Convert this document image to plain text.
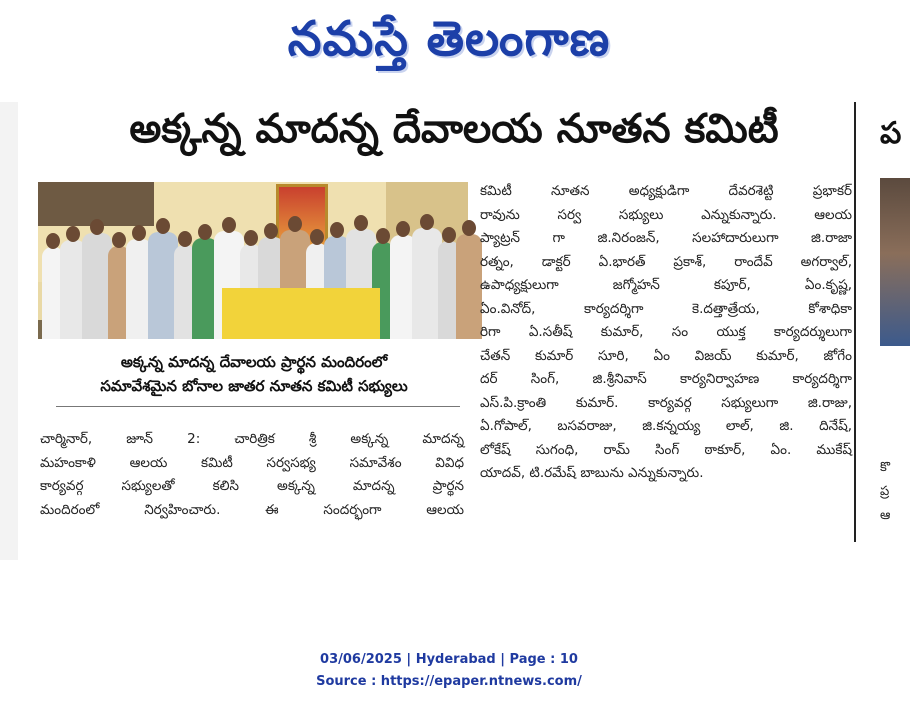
నమస్తే తెలంగాణ
అక్కన్న మాదన్న దేవాలయ నూతన కమిటీ
అక్కన్న మాదన్న దేవాలయ ప్రార్థన మందిరంలో
సమావేశమైన బోనాల జాతర నూతన కమిటీ సభ్యులు
చార్మినార్, జూన్ 2: చారిత్రిక శ్రీ అక్కన్న మాదన్న
మహంకాళి ఆలయ కమిటీ సర్వసభ్య సమావేశం వివిధ
కార్యవర్గ సభ్యులతో కలిసి అక్కన్న మాదన్న ప్రార్థన
మందిరంలో నిర్వహించారు. ఈ సందర్భంగా ఆలయ
కమిటీ నూతన అధ్యక్షుడిగా దేవరశెట్టి ప్రభాకర్
రావును సర్వ సభ్యులు ఎన్నుకున్నారు. ఆలయ
ప్యాట్రన్ గా జి.నిరంజన్, సలహాదారులుగా జి.రాజా
రత్నం, డాక్టర్ ఏ.భారత్ ప్రకాశ్, రాందేవ్ అగర్వాల్,
ఉపాధ్యక్షులుగా జగ్మోహన్ కపూర్, ఏం.కృష్ణ,
ఏం.వినోద్, కార్యదర్శిగా కె.దత్తాత్రేయ, కోశాధికా
రిగా ఏ.సతీష్ కుమార్, సం యుక్త కార్యదర్శులుగా
చేతన్ కుమార్ సూరి, ఏం విజయ్ కుమార్, జోగేం
దర్ సింగ్, జి.శ్రీనివాస్ కార్యనిర్వాహణ కార్యదర్శిగా
ఎస్.పి.క్రాంతి కుమార్. కార్యవర్గ సభ్యులుగా జి.రాజు,
ఏ.గోపాల్, బసవరాజు, జి.కన్నయ్య లాల్, జి. దినేష్,
లోకేష్ సుగంధి, రామ్ సింగ్ ఠాకూర్, ఏం. ముకేష్
యాదవ్, టి.రమేష్ బాబును ఎన్నుకున్నారు.
ప
కొ
ప్ర
ఆ
03/06/2025 | Hyderabad | Page : 10
Source : https://epaper.ntnews.com/
